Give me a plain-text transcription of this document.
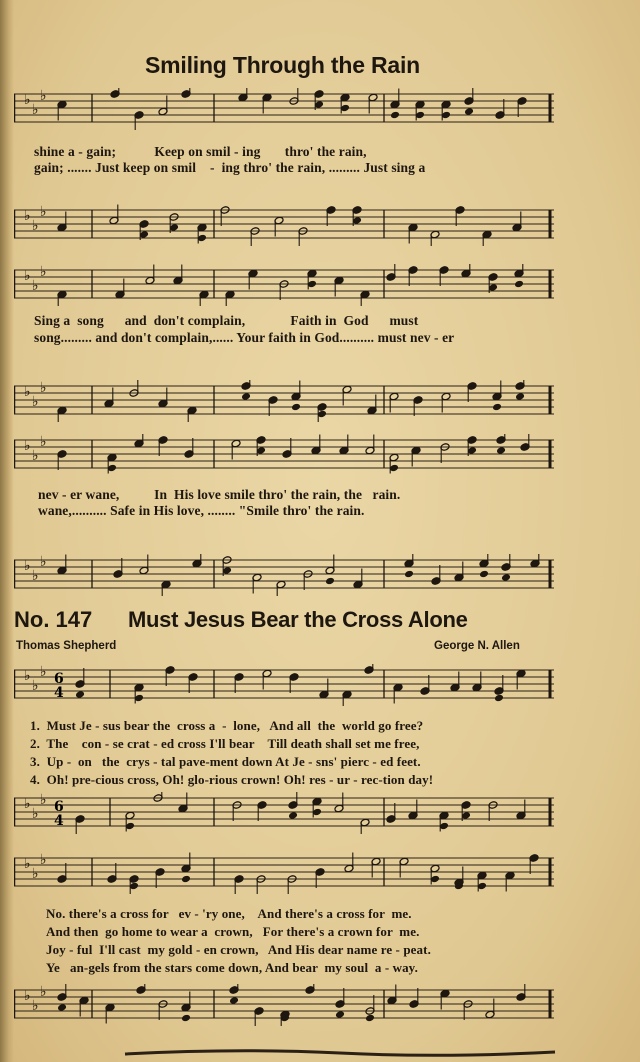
Smiling Through the Rain
♭
♭
♭
shine a - gain;           Keep on smil - ing       thro' the rain,
gain; ....... Just keep on smil    -  ing thro' the rain, ......... Just sing a
♭
♭
♭
♭
♭
♭
Sing a  song      and  don't complain,             Faith in  God      must
song......... and don't complain,...... Your faith in God.......... must nev - er
♭
♭
♭
♭
♭
♭
nev - er wane,          In  His love smile thro' the rain, the   rain.
wane,.......... Safe in His love, ........ "Smile thro' the rain.
♭
♭
♭
No. 147 Must Jesus Bear the Cross Alone
Thomas Shepherd	George N. Allen
♭
♭
♭ 6
4
1.  Must Je - sus bear the  cross a  -  lone,   And all  the  world go free?
2.  The    con - se crat - ed cross I'll bear    Till death shall set me free,
3.  Up -  on   the  crys - tal pave-ment down At Je - sns' pierc - ed feet.
4.  Oh! pre-cious cross, Oh! glo-rious crown! Oh! res - ur - rec-tion day!
♭
♭
♭ 6
4
♭
♭
♭
No. there's a cross for   ev - 'ry one,    And there's a cross for  me.
And then  go home to wear a  crown,   For there's a crown for  me.
Joy - ful  I'll cast  my gold - en crown,   And His dear name re - peat.
Ye   an-gels from the stars come down, And bear  my soul  a - way.
♭
♭
♭
